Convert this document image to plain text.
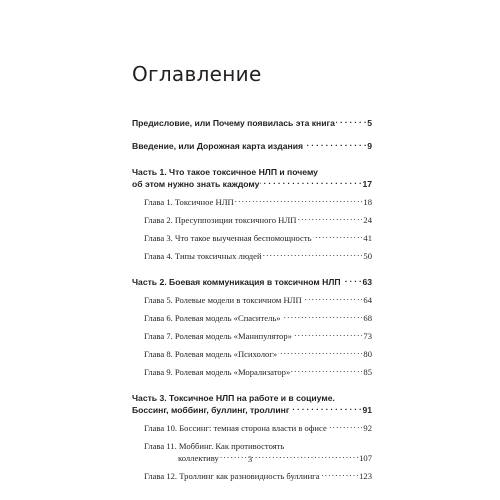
Оглавление
Предисловие, или Почему появилась эта книга . . .	5
Введение, или Дорожная карта издания . . .	9
Часть 1. Что такое токсичное НЛП и почему
об этом нужно знать каждому . . .	17
Глава 1. Токсичное НЛП . . .	18
Глава 2. Пресуппозиции токсичного НЛП . . .	24
Глава 3. Что такое выученная беспомощность . . .	41
Глава 4. Типы токсичных людей . . .	50
Часть 2. Боевая коммуникация в токсичном НЛП . . .	63
Глава 5. Ролевые модели в токсичном НЛП . . .	64
Глава 6. Ролевая модель «Спаситель» . . .	68
Глава 7. Ролевая модель «Манипулятор» . . .	73
Глава 8. Ролевая модель «Психолог» . . .	80
Глава 9. Ролевая модель «Морализатор» . . .	85
Часть 3. Токсичное НЛП на работе и в социуме.
Боссинг, моббинг, буллинг, троллинг . . .	91
Глава 10. Боссинг: темная сторона власти в офисе . . .	92
Глава 11. Моббинг. Как противостоять
коллективу . . .	107
Глава 12. Троллинг как разновидность буллинга . . .	123
3
